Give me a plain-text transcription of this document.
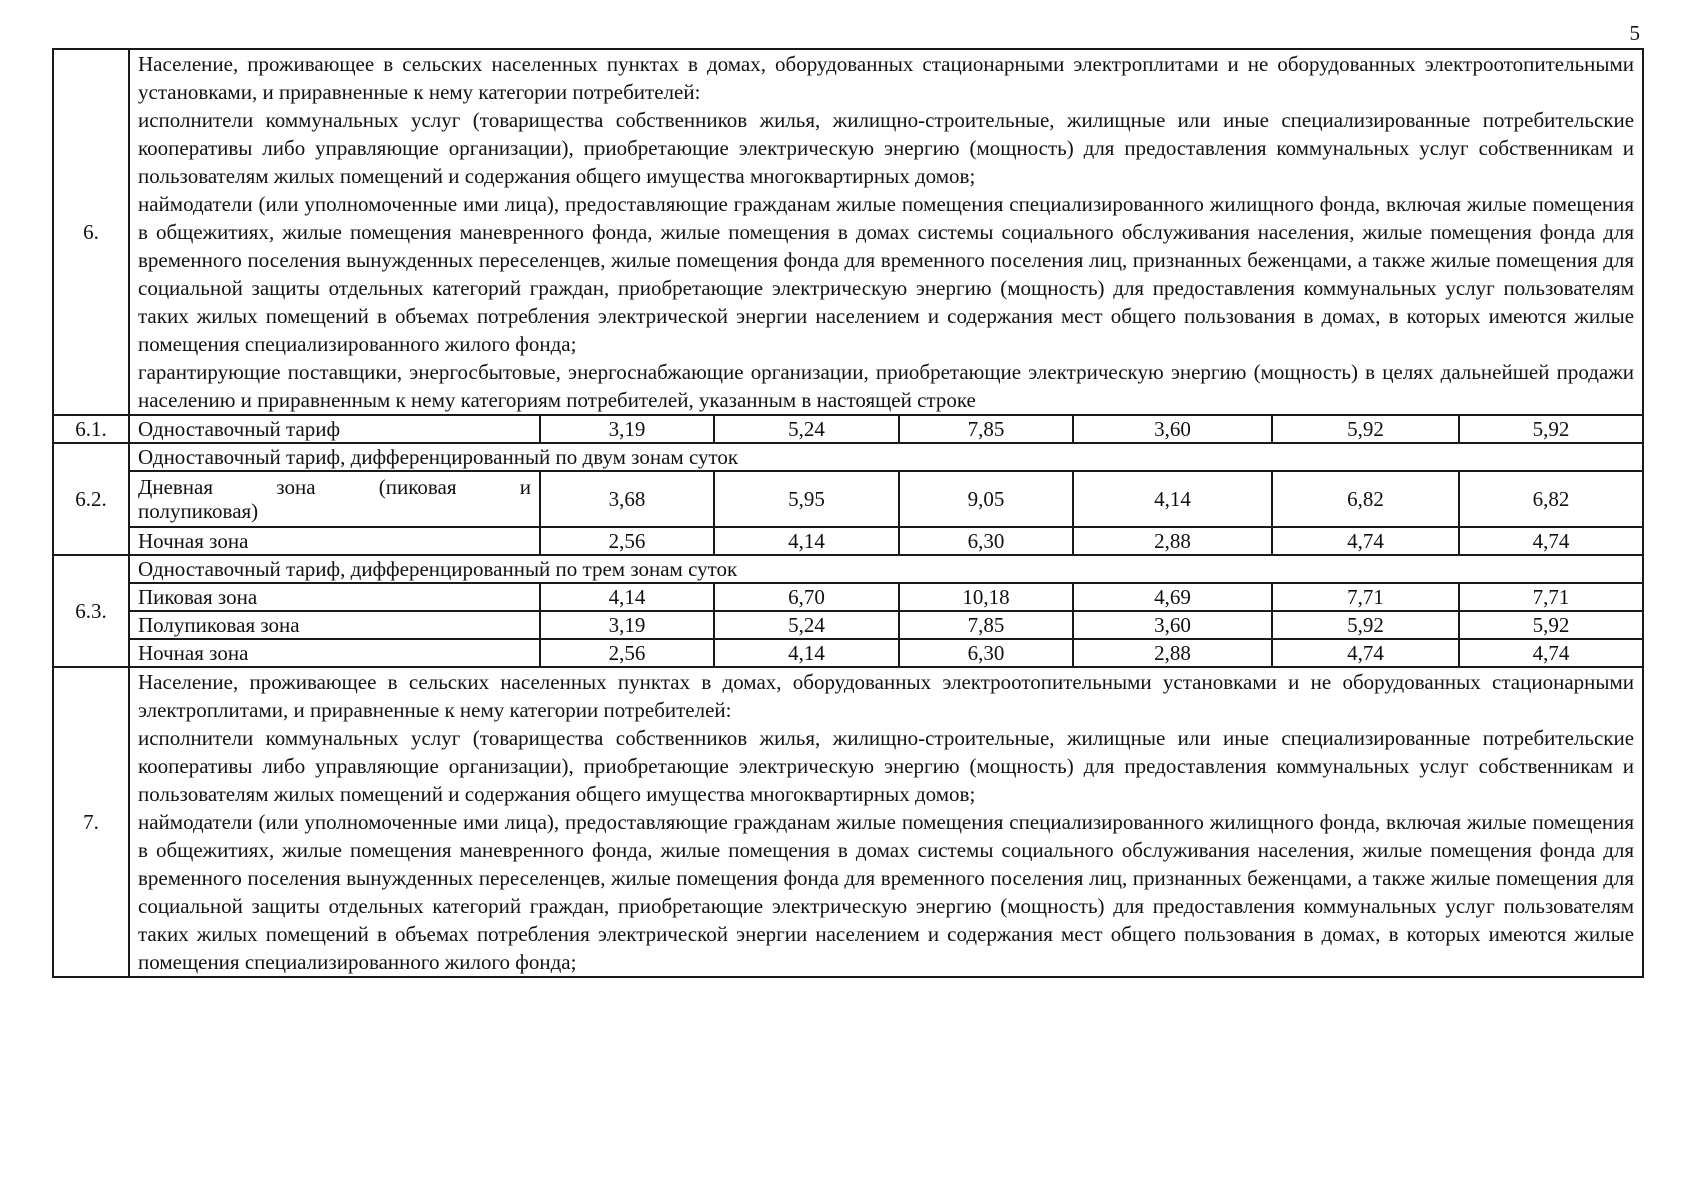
5
6.	Население, проживающее в сельских населенных пунктах в домах, оборудованных стационарными электроплитами и не оборудованных электроотопительными установками, и приравненные к нему категории потребителей:
исполнители коммунальных услуг (товарищества собственников жилья, жилищно-строительные, жилищные или иные специализированные потребительские кооперативы либо управляющие организации), приобретающие электрическую энергию (мощность) для предоставления коммунальных услуг собственникам и пользователям жилых помещений и содержания общего имущества многоквартирных домов;
наймодатели (или уполномоченные ими лица), предоставляющие гражданам жилые помещения специализированного жилищного фонда, включая жилые помещения в общежитиях, жилые помещения маневренного фонда, жилые помещения в домах системы социального обслуживания населения, жилые помещения фонда для временного поселения вынужденных переселенцев, жилые помещения фонда для временного поселения лиц, признанных беженцами, а также жилые помещения для социальной защиты отдельных категорий граждан, приобретающие электрическую энергию (мощность) для предоставления коммунальных услуг пользователям таких жилых помещений в объемах потребления электрической энергии населением и содержания мест общего пользования в домах, в которых имеются жилые помещения специализированного жилого фонда;
гарантирующие поставщики, энергосбытовые, энергоснабжающие организации, приобретающие электрическую энергию (мощность) в целях дальнейшей продажи населению и приравненным к нему категориям потребителей, указанным в настоящей строке						

6.1.	Одноставочный тариф	3,19	5,24	7,85	3,60	5,92	5,92
6.2.	Одноставочный тариф, дифференцированный по двум зонам суток						

	Дневная зона (пиковая и
полупиковая)	3,68	5,95	9,05	4,14	6,82	6,82
	Ночная зона	2,56	4,14	6,30	2,88	4,74	4,74
6.3.	Одноставочный тариф, дифференцированный по трем зонам суток						
	Пиковая зона	4,14	6,70	10,18	4,69	7,71	7,71
	Полупиковая зона	3,19	5,24	7,85	3,60	5,92	5,92
	Ночная зона	2,56	4,14	6,30	2,88	4,74	4,74
7.	Население, проживающее в сельских населенных пунктах в домах, оборудованных электроотопительными установками и не оборудованных стационарными электроплитами, и приравненные к нему категории потребителей:
исполнители коммунальных услуг (товарищества собственников жилья, жилищно-строительные, жилищные или иные специализированные потребительские кооперативы либо управляющие организации), приобретающие электрическую энергию (мощность) для предоставления коммунальных услуг собственникам и пользователям жилых помещений и содержания общего имущества многоквартирных домов;
наймодатели (или уполномоченные ими лица), предоставляющие гражданам жилые помещения специализированного жилищного фонда, включая жилые помещения в общежитиях, жилые помещения маневренного фонда, жилые помещения в домах системы социального обслуживания населения, жилые помещения фонда для временного поселения вынужденных переселенцев, жилые помещения фонда для временного поселения лиц, признанных беженцами, а также жилые помещения для социальной защиты отдельных категорий граждан, приобретающие электрическую энергию (мощность) для предоставления коммунальных услуг пользователям таких жилых помещений в объемах потребления электрической энергии населением и содержания мест общего пользования в домах, в которых имеются жилые помещения специализированного жилого фонда;						
